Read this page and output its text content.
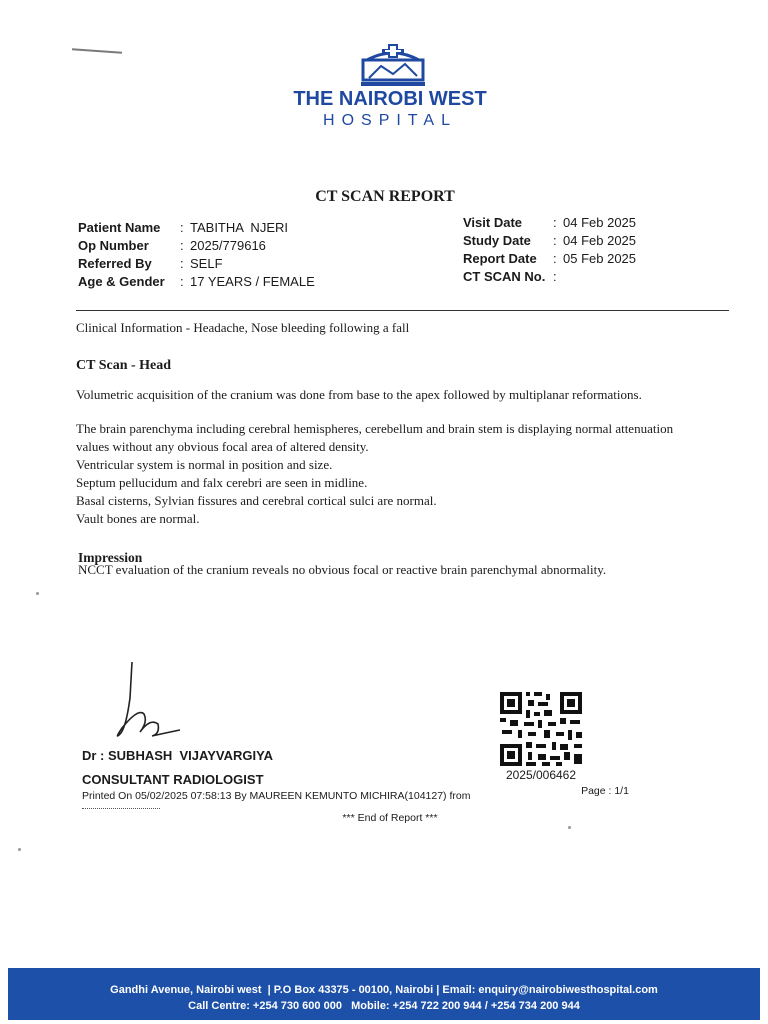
THE NAIROBI WEST
HOSPITAL
CT SCAN REPORT
Patient Name	: TABITHA  NJERI
Op Number	: 2025/779616
Referred By	: SELF
Age & Gender	: 17 YEARS / FEMALE
Visit Date	: 04 Feb 2025
Study Date	: 04 Feb 2025
Report Date	: 05 Feb 2025
CT SCAN No. :
Clinical Information - Headache, Nose bleeding following a fall
CT Scan - Head
Volumetric acquisition of the cranium was done from base to the apex followed by multiplanar reformations.
The brain parenchyma including cerebral hemispheres, cerebellum and brain stem is displaying normal attenuation values without any obvious focal area of altered density.
Ventricular system is normal in position and size.
Septum pellucidum and falx cerebri are seen in midline.
Basal cisterns, Sylvian fissures and cerebral cortical sulci are normal.
Vault bones are normal.
Impression
NCCT evaluation of the cranium reveals no obvious focal or reactive brain parenchymal abnormality.
Dr : SUBHASH  VIJAYVARGIYA
CONSULTANT RADIOLOGIST
Printed On 05/02/2025 07:58:13 By MAUREEN KEMUNTO MICHIRA(104127) from
*** End of Report ***
2025/006462
Page : 1/1
Gandhi Avenue, Nairobi west  | P.O Box 43375 - 00100, Nairobi | Email: enquiry@nairobiwesthospital.com
Call Centre: +254 730 600 000   Mobile: +254 722 200 944 / +254 734 200 944
